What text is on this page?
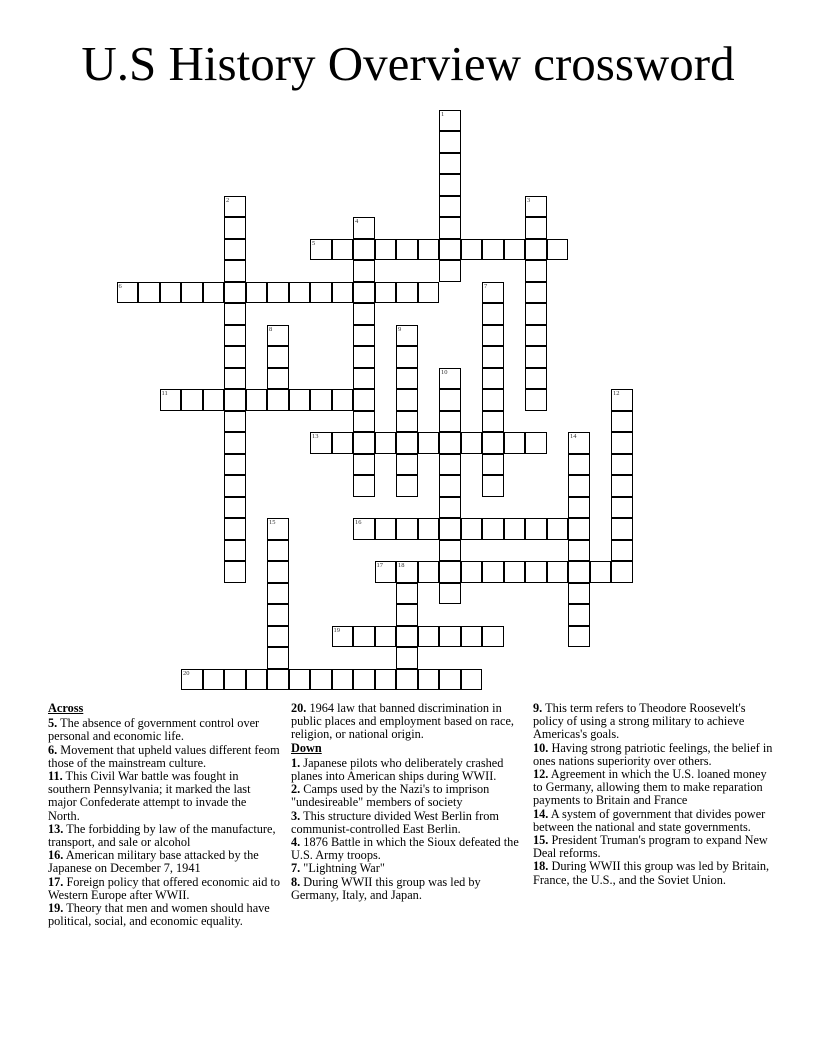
U.S History Overview crossword
5
6
11
13
16
17 18
19
20
1
2	3
4
7
8	9
10
12
14
15
Across

5. The absence of government control over personal and economic life.

6. Movement that upheld values different feom those of the mainstream culture.

11. This Civil War battle was fought in southern Pennsylvania; it marked the last major Confederate attempt to invade the North.

13. The forbidding by law of the manufacture, transport, and sale or alcohol

16. American military base attacked by the Japanese on December 7, 1941

17. Foreign policy that offered economic aid to Western Europe after WWII.

19. Theory that men and women should have political, social, and economic equality.

20. 1964 law that banned discrimination in public places and employment based on race, religion, or national origin.

Down

1. Japanese pilots who deliberately crashed planes into American ships during WWII.

2. Camps used by the Nazi's to imprison "undesireable" members of society

3. This structure divided West Berlin from communist-controlled East Berlin.

4. 1876 Battle in which the Sioux defeated the U.S. Army troops.

7. "Lightning War"

8. During WWII this group was led by Germany, Italy, and Japan.

9. This term refers to Theodore Roosevelt's policy of using a strong military to achieve Americas's goals.

10. Having strong patriotic feelings, the belief in ones nations superiority over others.

12. Agreement in which the U.S. loaned money to Germany, allowing them to make reparation payments to Britain and France

14. A system of government that divides power between the national and state governments.

15. President Truman's program to expand New Deal reforms.

18. During WWII this group was led by Britain, France, the U.S., and the Soviet Union.
